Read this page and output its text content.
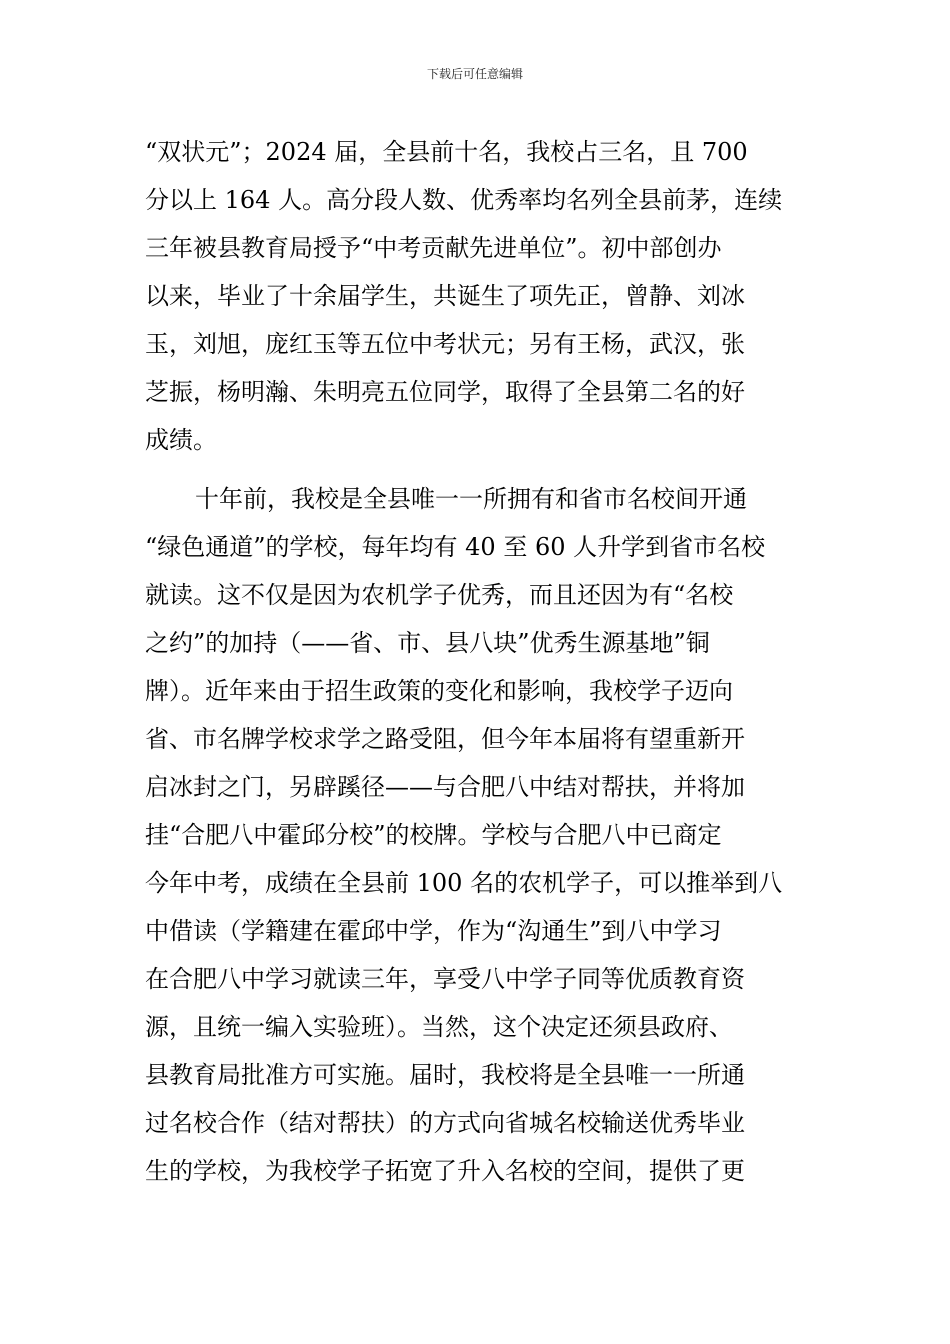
下载后可任意编辑
“双状元”；2024 届，全县前十名，我校占三名，且 700
分以上 164 人。高分段人数、优秀率均名列全县前茅，连续
三年被县教育局授予“中考贡献先进单位”。初中部创办
以来，毕业了十余届学生，共诞生了项先正，曾静、刘冰
玉，刘旭，庞红玉等五位中考状元；另有王杨，武汉，张
芝振，杨明瀚、朱明亮五位同学，取得了全县第二名的好
成绩。
十年前，我校是全县唯一一所拥有和省市名校间开通
“绿色通道”的学校，每年均有 40 至 60 人升学到省市名校
就读。这不仅是因为农机学子优秀，而且还因为有“名校
之约”的加持（——省、市、县八块”优秀生源基地”铜
牌）。近年来由于招生政策的变化和影响，我校学子迈向
省、市名牌学校求学之路受阻，但今年本届将有望重新开
启冰封之门，另辟蹊径——与合肥八中结对帮扶，并将加
挂“合肥八中霍邱分校”的校牌。学校与合肥八中已商定
今年中考，成绩在全县前 100 名的农机学子，可以推举到八
中借读（学籍建在霍邱中学，作为“沟通生”到八中学习
在合肥八中学习就读三年，享受八中学子同等优质教育资
源，且统一编入实验班）。当然，这个决定还须县政府、
县教育局批准方可实施。届时，我校将是全县唯一一所通
过名校合作（结对帮扶）的方式向省城名校输送优秀毕业
生的学校，为我校学子拓宽了升入名校的空间，提供了更
